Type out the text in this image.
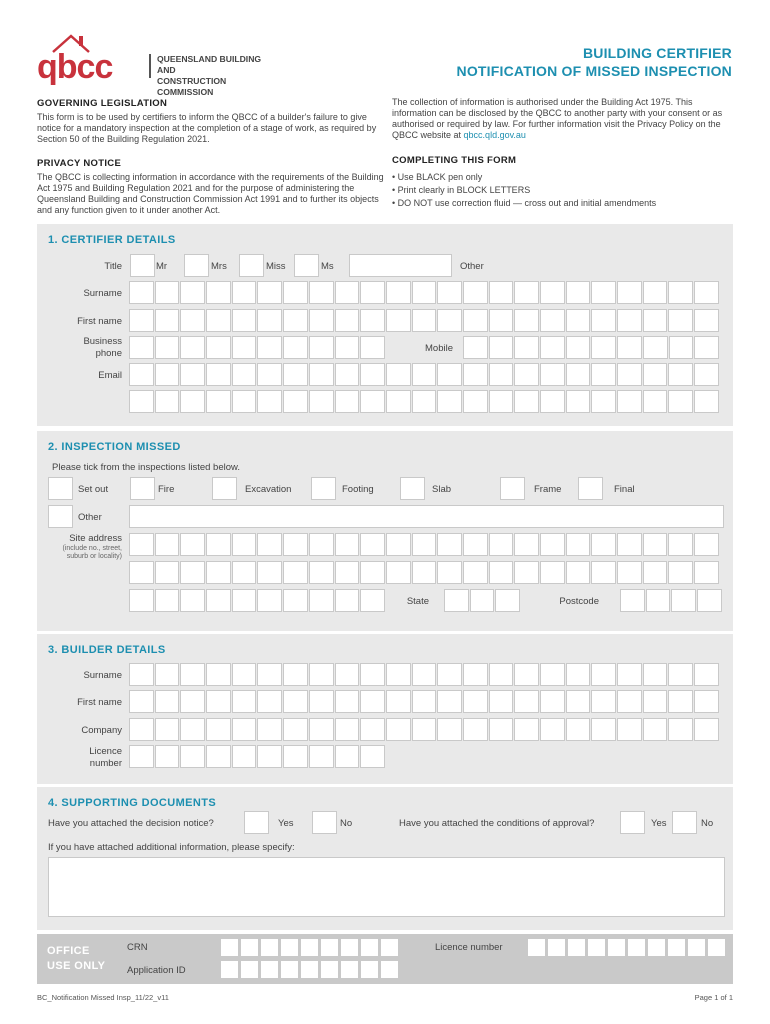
qbcc	QUEENSLAND BUILDING AND
CONSTRUCTION COMMISSION
BUILDING CERTIFIER
NOTIFICATION OF MISSED INSPECTION
GOVERNING LEGISLATION
This form is to be used by certifiers to inform the QBCC of a builder's failure to give notice for a mandatory inspection at the completion of a stage of work, as required by Section 50 of the Building Regulation 2021.
PRIVACY NOTICE
The QBCC is collecting information in accordance with the requirements of the Building Act 1975 and Building Regulation 2021 and for the purpose of administering the Queensland Building and Construction Commission Act 1991 and to further its objects and any function given to it under another Act.
The collection of information is authorised under the Building Act 1975. This information can be disclosed by the QBCC to another party with your consent or as authorised or required by law. For further information visit the Privacy Policy on the QBCC website at qbcc.qld.gov.au
COMPLETING THIS FORM
• Use BLACK pen only
• Print clearly in BLOCK LETTERS
• DO NOT use correction fluid — cross out and initial amendments
1. CERTIFIER DETAILS
Title	Mr	Mrs	Miss	Ms	Other
Surname
First name
Business
phone	Mobile
Email
2. INSPECTION MISSED
Please tick from the inspections listed below.
Set out	Fire	Excavation	Footing	Slab	Frame	Final
Other
Site address
(include no., street,
suburb or locality)
State	Postcode
3. BUILDER DETAILS
Surname
First name
Company
Licence
number
4. SUPPORTING DOCUMENTS
Have you attached the decision notice?	Yes	No	Have you attached the conditions of approval?	Yes	No
If you have attached additional information, please specify:
OFFICE
USE ONLY
CRN	Licence number
Application ID
BC_Notification Missed Insp_11/22_v11	Page 1 of 1
